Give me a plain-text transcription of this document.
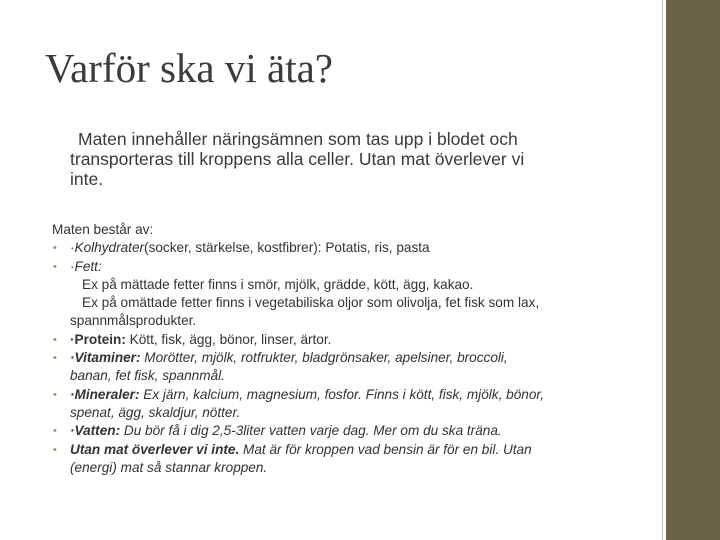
Varför ska vi äta?
Maten innehåller näringsämnen som tas upp i blodet och
transporteras till kroppens alla celler. Utan mat överlever vi
inte.

Maten består av:

• ·Kolhydrater(socker, stärkelse, kostfibrer): Potatis, ris, pasta
• ·Fett:
Ex på mättade fetter finns i smör, mjölk, grädde, kött, ägg, kakao.
Ex på omättade fetter finns i vegetabiliska oljor som olivolja, fet fisk som lax,
spannmålsprodukter.
• ·Protein: Kött, fisk, ägg, bönor, linser, ärtor.
• ·Vitaminer: Morötter, mjölk, rotfrukter, bladgrönsaker, apelsiner, broccoli,
banan, fet fisk, spannmål.
• ·Mineraler: Ex järn, kalcium, magnesium, fosfor. Finns i kött, fisk, mjölk, bönor,
spenat, ägg, skaldjur, nötter.
• ·Vatten: Du bör få i dig 2,5-3liter vatten varje dag. Mer om du ska träna.
• Utan mat överlever vi inte. Mat är för kroppen vad bensin är för en bil. Utan
(energi) mat så stannar kroppen.
